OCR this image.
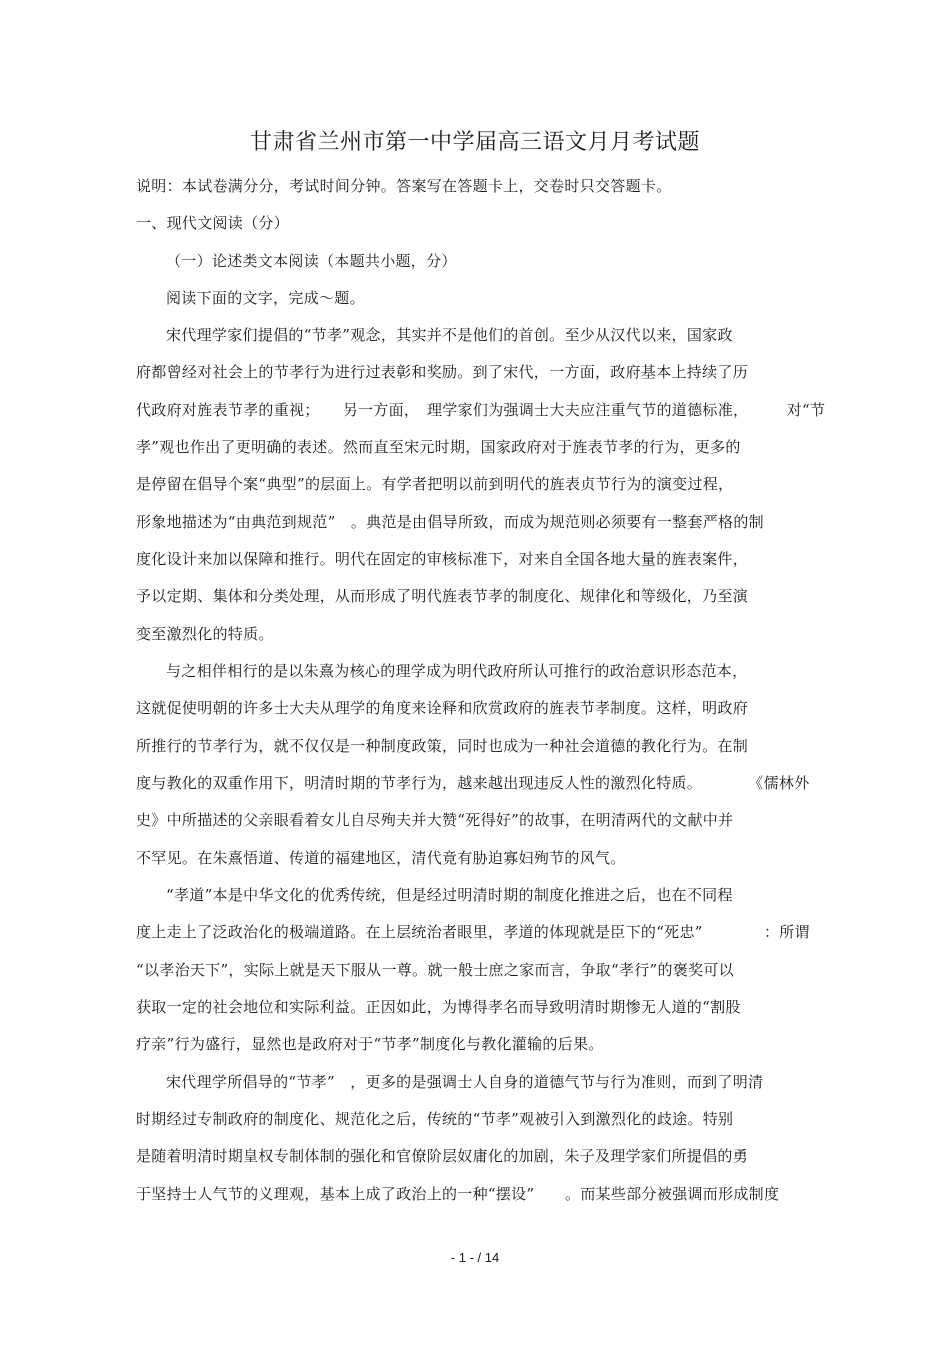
甘肃省兰州市第一中学届高三语文月月考试题
说明：本试卷满分分，考试时间分钟。答案写在答题卡上，交卷时只交答题卡。
一、现代文阅读（分）
（一）论述类文本阅读（本题共小题，分）
阅读下面的文字，完成～题。
宋代理学家们提倡的“节孝”观念，其实并不是他们的首创。至少从汉代以来，国家政
府都曾经对社会上的节孝行为进行过表彰和奖励。到了宋代，一方面，政府基本上持续了历
代政府对旌表节孝的重视；　　另一方面，　理学家们为强调士大夫应注重气节的道德标准，　　　对“节
孝”观也作出了更明确的表述。然而直至宋元时期，国家政府对于旌表节孝的行为，更多的
是停留在倡导个案“典型”的层面上。有学者把明以前到明代的旌表贞节行为的演变过程，
形象地描述为“由典范到规范”　。典范是由倡导所致，而成为规范则必须要有一整套严格的制
度化设计来加以保障和推行。明代在固定的审核标准下，对来自全国各地大量的旌表案件，
予以定期、集体和分类处理，从而形成了明代旌表节孝的制度化、规律化和等级化，乃至演
变至激烈化的特质。
与之相伴相行的是以朱熹为核心的理学成为明代政府所认可推行的政治意识形态范本，
这就促使明朝的许多士大夫从理学的角度来诠释和欣赏政府的旌表节孝制度。这样，明政府
所推行的节孝行为，就不仅仅是一种制度政策，同时也成为一种社会道德的教化行为。在制
度与教化的双重作用下，明清时期的节孝行为，越来越出现违反人性的激烈化特质。　　　　《儒林外
史》中所描述的父亲眼看着女儿自尽殉夫并大赞“死得好”的故事，在明清两代的文献中并
不罕见。在朱熹悟道、传道的福建地区，清代竟有胁迫寡妇殉节的风气。
“孝道”本是中华文化的优秀传统，但是经过明清时期的制度化推进之后，也在不同程
度上走上了泛政治化的极端道路。在上层统治者眼里，孝道的体现就是臣下的“死忠”　　　　：所谓
“以孝治天下”，实际上就是天下服从一尊。就一般士庶之家而言，争取“孝行”的褒奖可以
获取一定的社会地位和实际利益。正因如此，为博得孝名而导致明清时期惨无人道的“割股
疗亲”行为盛行，显然也是政府对于“节孝”制度化与教化灌输的后果。
宋代理学所倡导的“节孝”　，更多的是强调士人自身的道德气节与行为准则，而到了明清
时期经过专制政府的制度化、规范化之后，传统的“节孝”观被引入到激烈化的歧途。特别
是随着明清时期皇权专制体制的强化和官僚阶层奴庸化的加剧，朱子及理学家们所提倡的勇
于坚持士人气节的义理观，基本上成了政治上的一种“摆设”　　。而某些部分被强调而形成制度
- 1 - / 14
